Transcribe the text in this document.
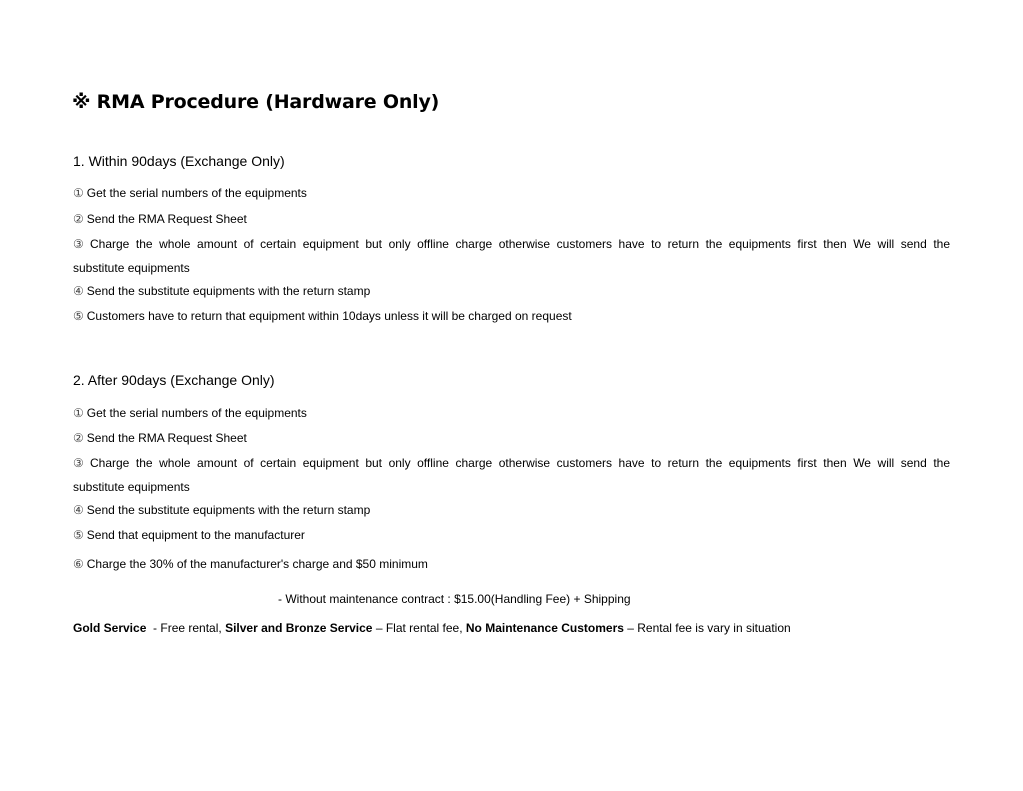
※ RMA Procedure (Hardware Only)
1. Within 90days (Exchange Only)
① Get the serial numbers of the equipments
② Send the RMA Request Sheet
③ Charge the whole amount of certain equipment but only offline charge otherwise customers have to return the equipments first then We will send the
substitute equipments
④ Send the substitute equipments with the return stamp
⑤ Customers have to return that equipment within 10days unless it will be charged on request
2. After 90days (Exchange Only)
① Get the serial numbers of the equipments
② Send the RMA Request Sheet
③ Charge the whole amount of certain equipment but only offline charge otherwise customers have to return the equipments first then We will send the
substitute equipments
④ Send the substitute equipments with the return stamp
⑤ Send that equipment to the manufacturer
⑥ Charge the 30% of the manufacturer's charge and $50 minimum
- Without maintenance contract : $15.00(Handling Fee) + Shipping
Gold Service  - Free rental, Silver and Bronze Service – Flat rental fee, No Maintenance Customers – Rental fee is vary in situation
